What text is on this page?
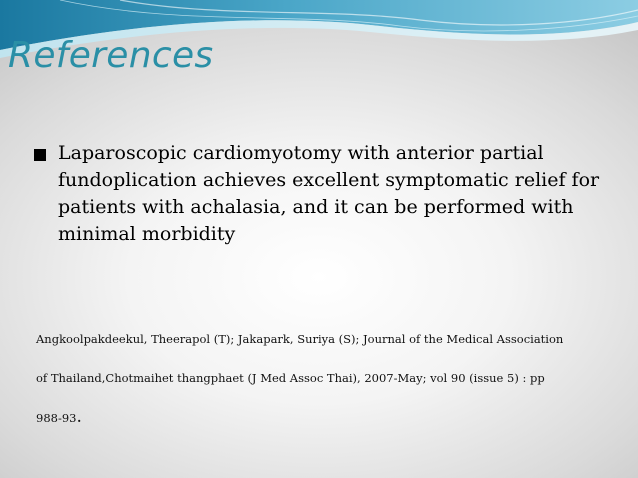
References
Laparoscopic cardiomyotomy with anterior partial fundoplication achieves excellent symptomatic relief for patients with achalasia, and it can be performed with minimal morbidity
Angkoolpakdeekul, Theerapol (T); Jakapark, Suriya (S); Journal of the Medical Association
of Thailand,Chotmaihet thangphaet (J Med Assoc Thai), 2007-May; vol 90 (issue 5) : pp
988-93.
